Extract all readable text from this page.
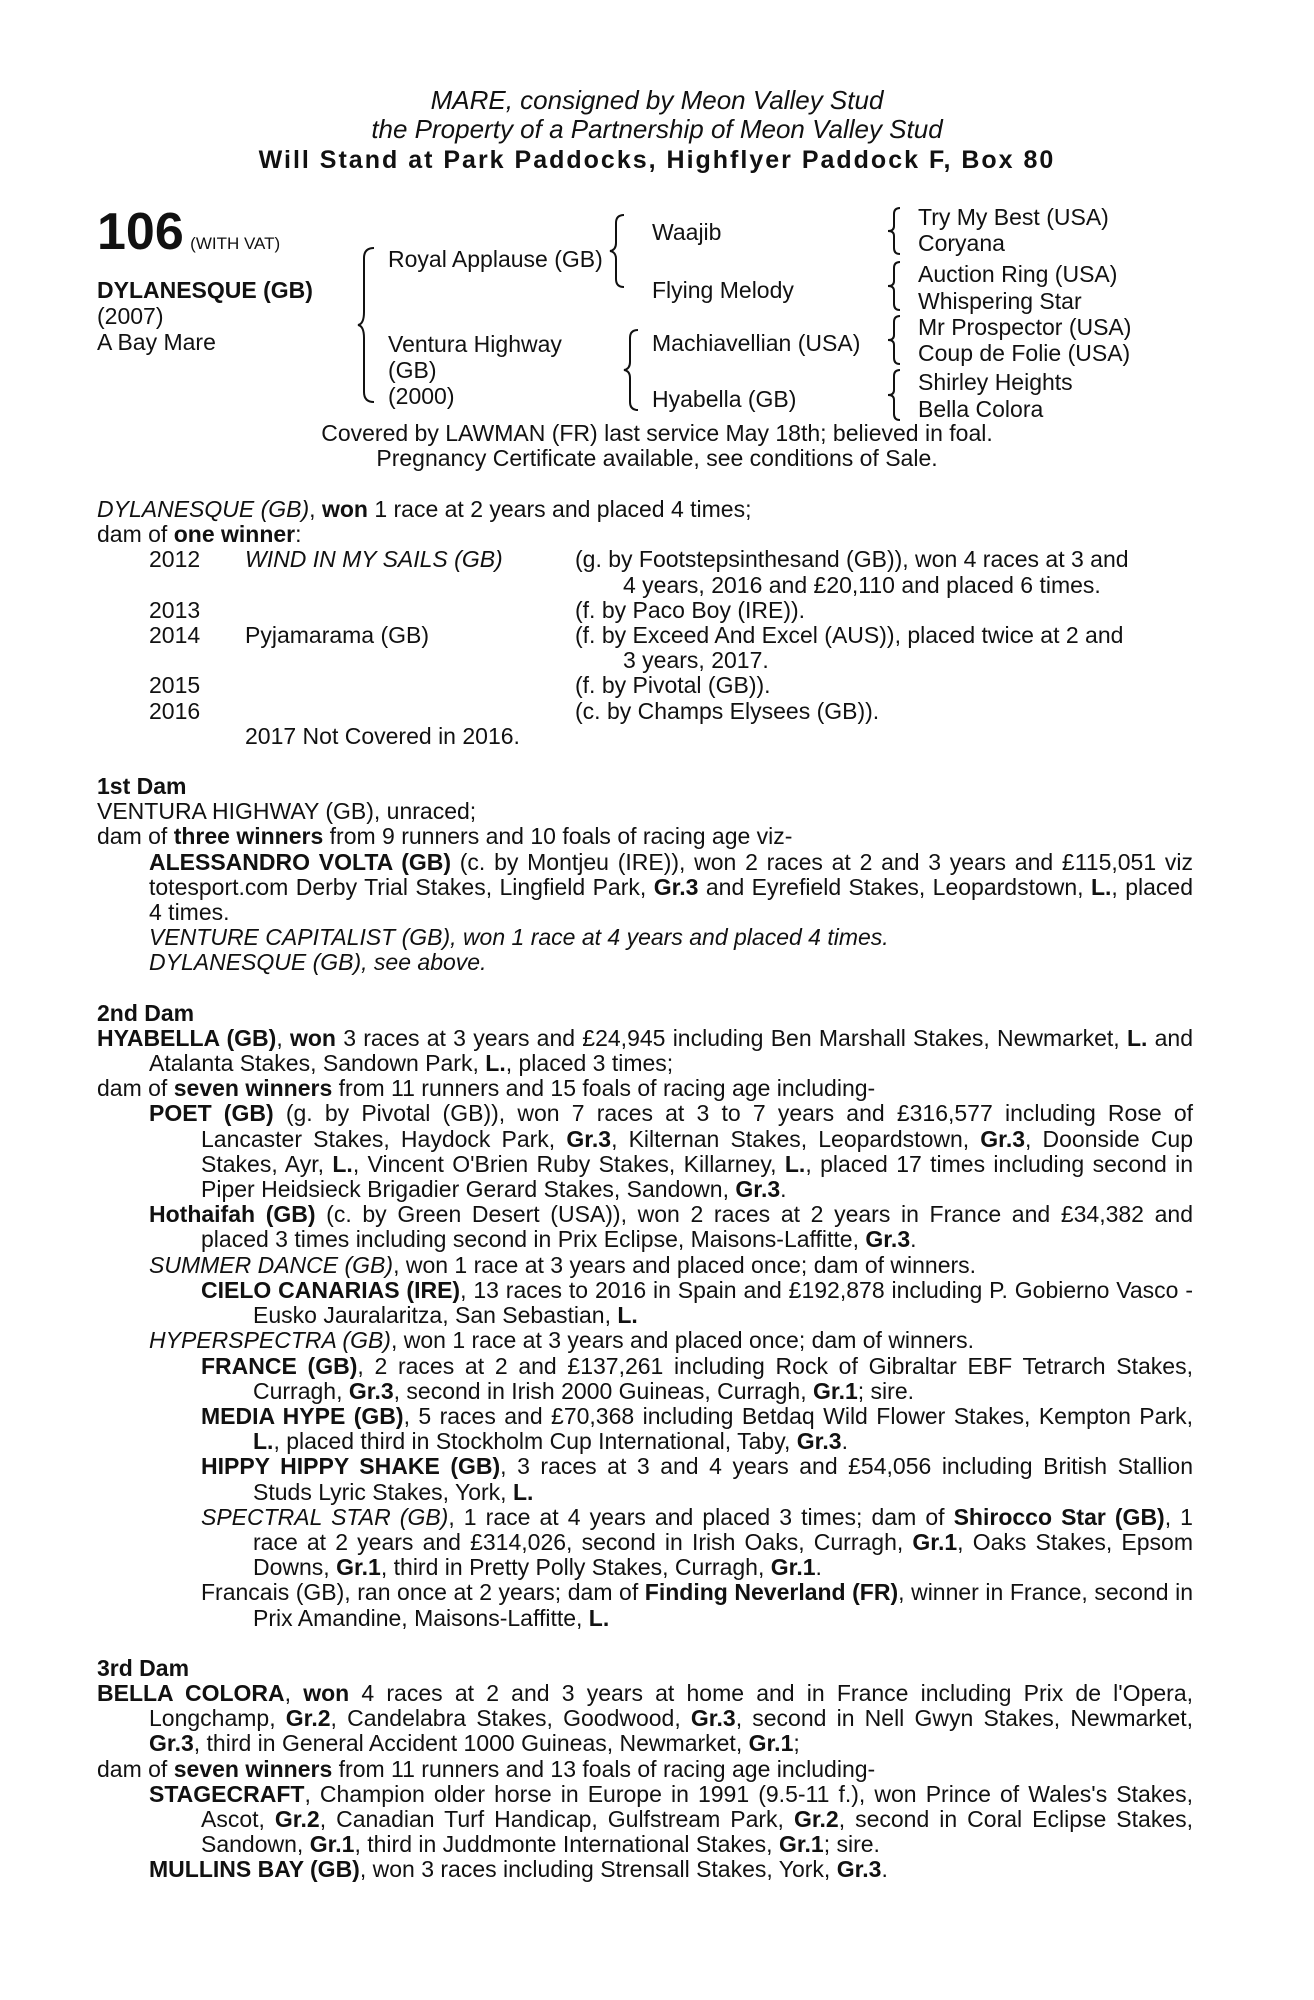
MARE, consigned by Meon Valley Stud
the Property of a Partnership of Meon Valley Stud
Will Stand at Park Paddocks, Highflyer Paddock F, Box 80
106 (WITH VAT)
DYLANESQUE (GB)
(2007)
A Bay Mare
Royal Applause (GB)
Ventura Highway
(GB)
(2000)
Waajib
Flying Melody
Machiavellian (USA)
Hyabella (GB)
Try My Best (USA)
Coryana
Auction Ring (USA)
Whispering Star
Mr Prospector (USA)
Coup de Folie (USA)
Shirley Heights
Bella Colora
Covered by LAWMAN (FR) last service May 18th; believed in foal.
Pregnancy Certificate available, see conditions of Sale.

DYLANESQUE (GB), won 1 race at 2 years and placed 4 times;

dam of one winner:

2012	WIND IN MY SAILS (GB)	(g. by Footstepsinthesand (GB)), won 4 races at 3 and
4 years, 2016 and £20,110 and placed 6 times.
2013	(f. by Paco Boy (IRE)).
2014	Pyjamarama (GB)	(f. by Exceed And Excel (AUS)), placed twice at 2 and
3 years, 2017.
2015	(f. by Pivotal (GB)).
2016	(c. by Champs Elysees (GB)).
2017 Not Covered in 2016.

1st Dam

VENTURA HIGHWAY (GB), unraced;

dam of three winners from 9 runners and 10 foals of racing age viz-

ALESSANDRO VOLTA (GB) (c. by Montjeu (IRE)), won 2 races at 2 and 3 years and £115,051 viz totesport.com Derby Trial Stakes, Lingfield Park, Gr.3 and Eyrefield Stakes, Leopardstown, L., placed 4 times.

VENTURE CAPITALIST (GB), won 1 race at 4 years and placed 4 times.

DYLANESQUE (GB), see above.

2nd Dam

HYABELLA (GB), won 3 races at 3 years and £24,945 including Ben Marshall Stakes, Newmarket, L. and Atalanta Stakes, Sandown Park, L., placed 3 times;

dam of seven winners from 11 runners and 15 foals of racing age including-

POET (GB) (g. by Pivotal (GB)), won 7 races at 3 to 7 years and £316,577 including Rose of Lancaster Stakes, Haydock Park, Gr.3, Kilternan Stakes, Leopardstown, Gr.3, Doonside Cup Stakes, Ayr, L., Vincent O'Brien Ruby Stakes, Killarney, L., placed 17 times including second in Piper Heidsieck Brigadier Gerard Stakes, Sandown, Gr.3.

Hothaifah (GB) (c. by Green Desert (USA)), won 2 races at 2 years in France and £34,382 and placed 3 times including second in Prix Eclipse, Maisons-Laffitte, Gr.3.

SUMMER DANCE (GB), won 1 race at 3 years and placed once; dam of winners.

CIELO CANARIAS (IRE), 13 races to 2016 in Spain and £192,878 including P. Gobierno Vasco - Eusko Jauralaritza, San Sebastian, L.

HYPERSPECTRA (GB), won 1 race at 3 years and placed once; dam of winners.

FRANCE (GB), 2 races at 2 and £137,261 including Rock of Gibraltar EBF Tetrarch Stakes, Curragh, Gr.3, second in Irish 2000 Guineas, Curragh, Gr.1; sire.

MEDIA HYPE (GB), 5 races and £70,368 including Betdaq Wild Flower Stakes, Kempton Park, L., placed third in Stockholm Cup International, Taby, Gr.3.

HIPPY HIPPY SHAKE (GB), 3 races at 3 and 4 years and £54,056 including British Stallion Studs Lyric Stakes, York, L.

SPECTRAL STAR (GB), 1 race at 4 years and placed 3 times; dam of Shirocco Star (GB), 1 race at 2 years and £314,026, second in Irish Oaks, Curragh, Gr.1, Oaks Stakes, Epsom Downs, Gr.1, third in Pretty Polly Stakes, Curragh, Gr.1.

Francais (GB), ran once at 2 years; dam of Finding Neverland (FR), winner in France, second in Prix Amandine, Maisons-Laffitte, L.

3rd Dam

BELLA COLORA, won 4 races at 2 and 3 years at home and in France including Prix de l'Opera, Longchamp, Gr.2, Candelabra Stakes, Goodwood, Gr.3, second in Nell Gwyn Stakes, Newmarket, Gr.3, third in General Accident 1000 Guineas, Newmarket, Gr.1;

dam of seven winners from 11 runners and 13 foals of racing age including-

STAGECRAFT, Champion older horse in Europe in 1991 (9.5-11 f.), won Prince of Wales's Stakes, Ascot, Gr.2, Canadian Turf Handicap, Gulfstream Park, Gr.2, second in Coral Eclipse Stakes, Sandown, Gr.1, third in Juddmonte International Stakes, Gr.1; sire.

MULLINS BAY (GB), won 3 races including Strensall Stakes, York, Gr.3.
